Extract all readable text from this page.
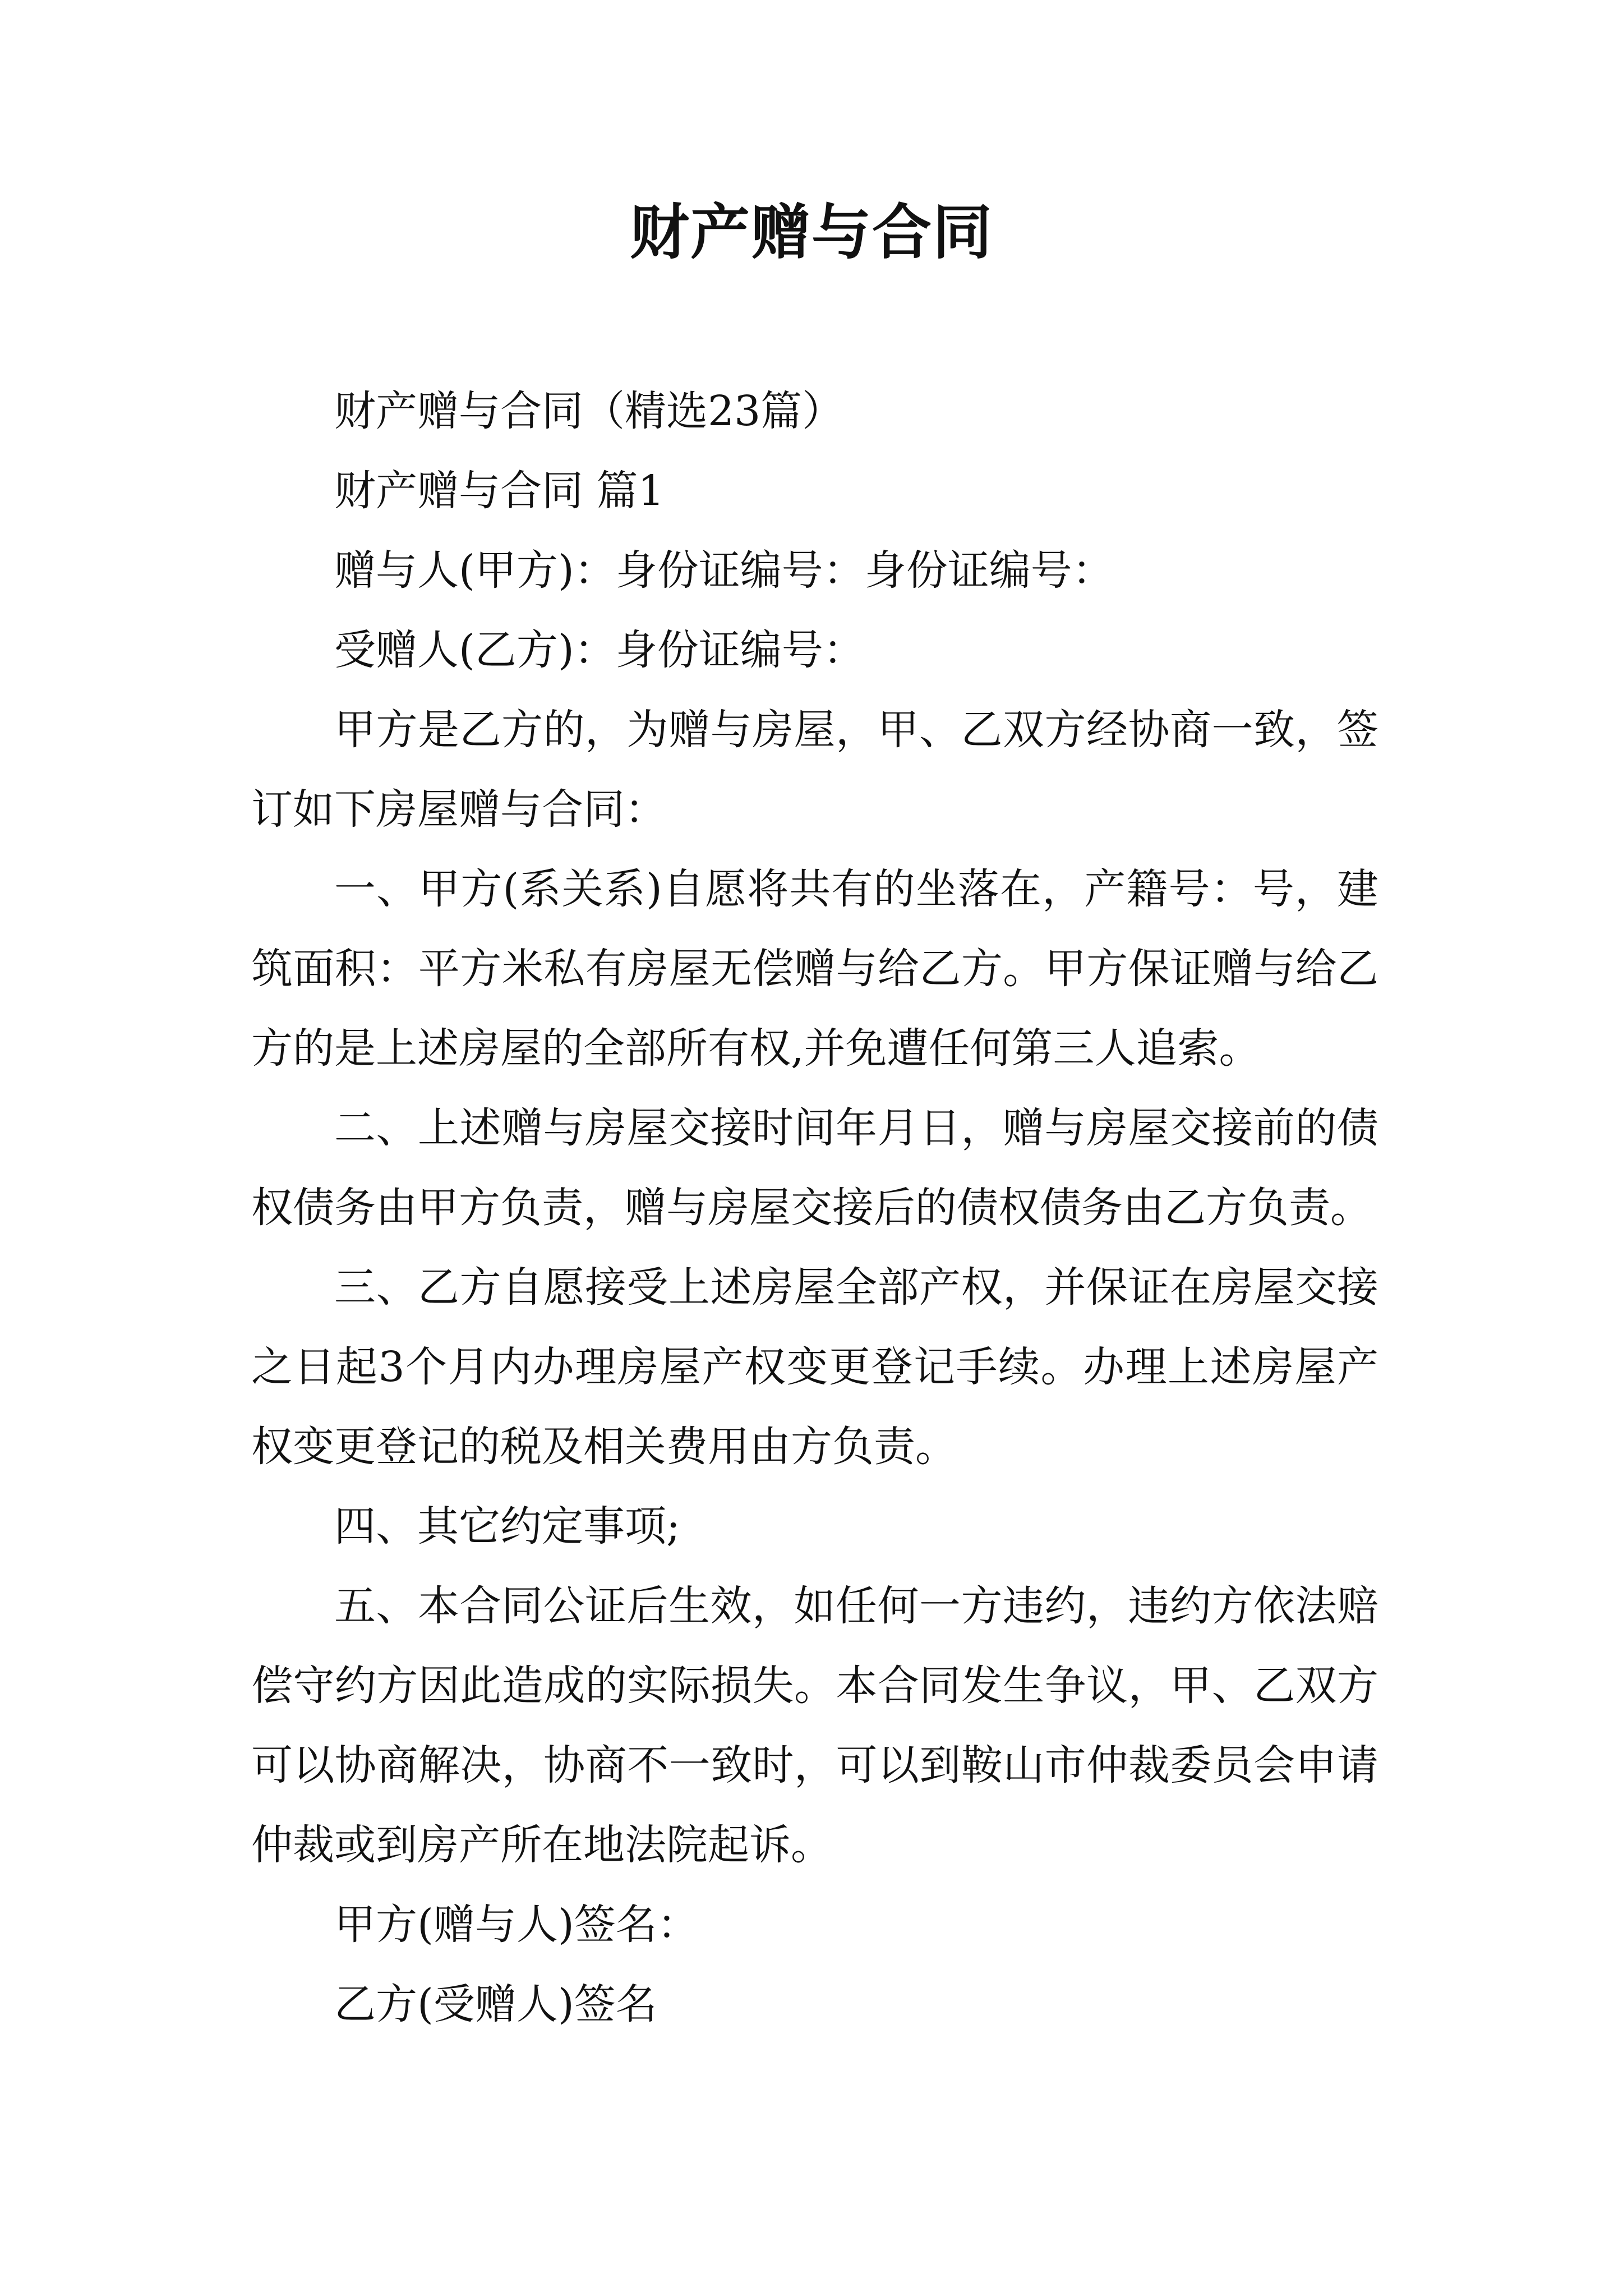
财产赠与合同

财产赠与合同（精选23篇）

财产赠与合同 篇1

赠与人(甲方)：身份证编号：身份证编号：

受赠人(乙方)：身份证编号：

甲方是乙方的，为赠与房屋，甲、乙双方经协商一致，签订如下房屋赠与合同：

一、甲方(系关系)自愿将共有的坐落在，产籍号：号，建筑面积：平方米私有房屋无偿赠与给乙方。甲方保证赠与给乙方的是上述房屋的全部所有权,并免遭任何第三人追索。

二、上述赠与房屋交接时间年月日，赠与房屋交接前的债权债务由甲方负责，赠与房屋交接后的债权债务由乙方负责。

三、乙方自愿接受上述房屋全部产权，并保证在房屋交接之日起3个月内办理房屋产权变更登记手续。办理上述房屋产权变更登记的税及相关费用由方负责。

四、其它约定事项;

五、本合同公证后生效，如任何一方违约，违约方依法赔偿守约方因此造成的实际损失。本合同发生争议，甲、乙双方可以协商解决，协商不一致时，可以到鞍山市仲裁委员会申请仲裁或到房产所在地法院起诉。

甲方(赠与人)签名：

乙方(受赠人)签名
